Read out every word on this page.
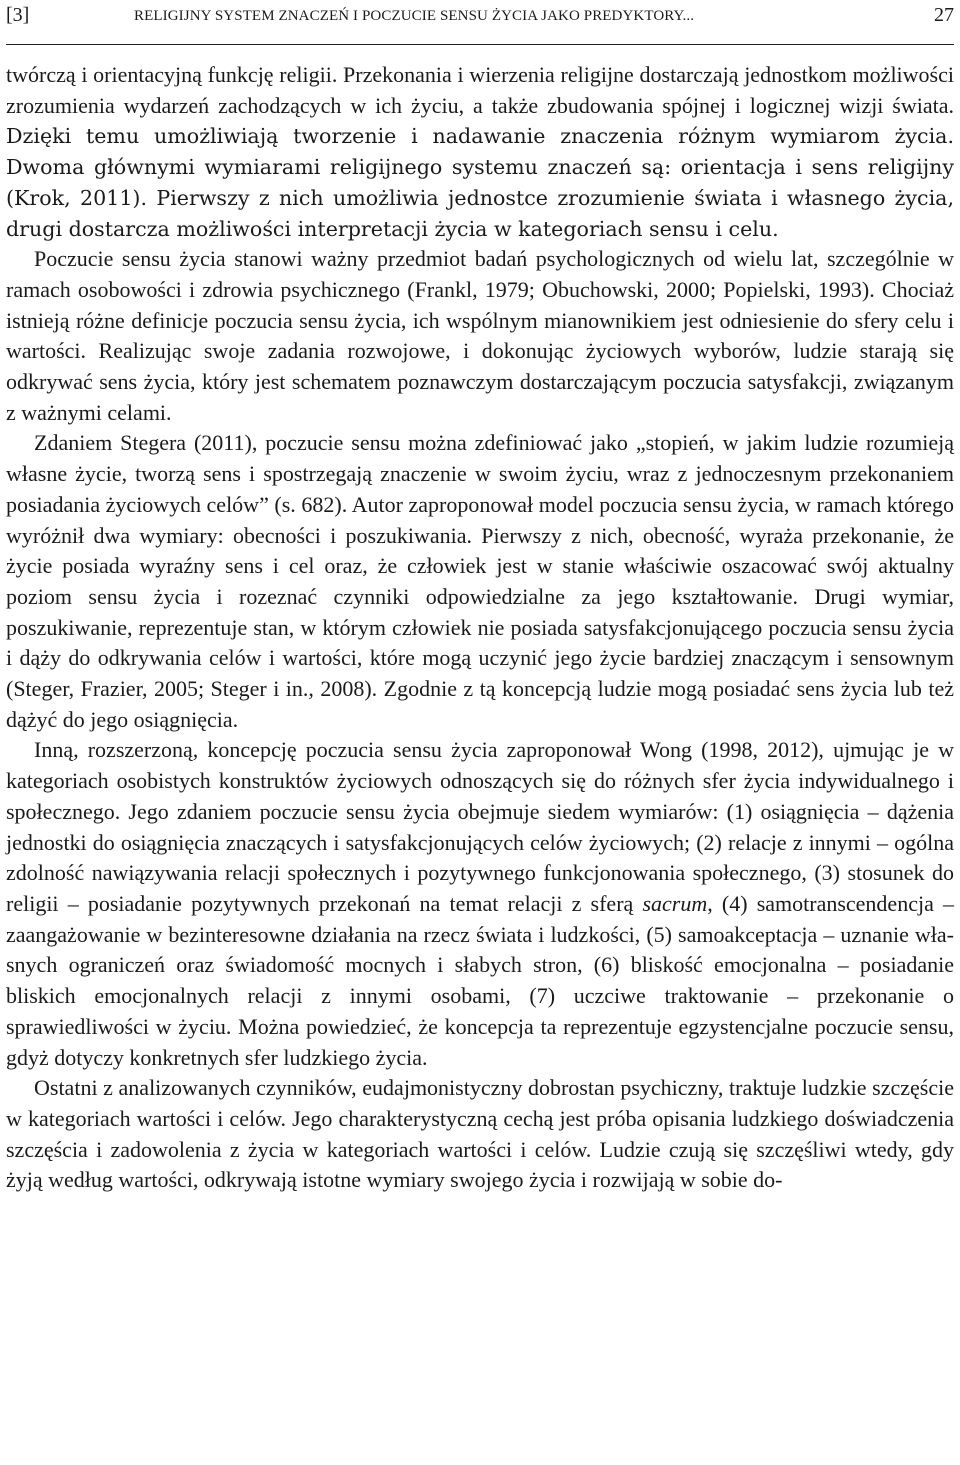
[3]	RELIGIJNY SYSTEM ZNACZEŃ I POCZUCIE SENSU ŻYCIA JAKO PREDYKTORY...	27

twórczą i orientacyjną funkcję religii. Przekonania i wierzenia religijne dostarczają jednostkom możliwości zrozumienia wydarzeń zachodzących w ich życiu, a także zbudowania spójnej i logicznej wizji świata. Dzięki temu umożliwiają tworzenie i nadawanie znaczenia różnym wymiarom życia. Dwoma głównymi wymiarami religijnego systemu znaczeń są: orientacja i sens religijny (Krok, 2011). Pierwszy z nich umożliwia jednostce zrozumienie świata i własnego życia, drugi dostarcza możliwości interpretacji życia w kategoriach sensu i celu.

Poczucie sensu życia stanowi ważny przedmiot badań psychologicznych od wielu lat, szczególnie w ramach osobowości i zdrowia psychicznego (Frankl, 1979; Obuchowski, 2000; Popielski, 1993). Chociaż istnieją różne definicje poczucia sensu życia, ich wspólnym mianownikiem jest odniesienie do sfery celu i wartości. Realizując swoje zadania rozwojowe, i dokonując życiowych wyborów, ludzie starają się odkrywać sens życia, który jest schematem poznawczym dostarczającym poczucia satysfakcji, związanym z ważnymi celami.

Zdaniem Stegera (2011), poczucie sensu można zdefiniować jako „stopień, w jakim ludzie rozumieją własne życie, tworzą sens i spostrzegają znaczenie w swoim życiu, wraz z jednoczesnym przekonaniem posiadania życiowych celów” (s. 682). Autor zaproponował model poczucia sensu życia, w ramach którego wyróżnił dwa wymiary: obecności i poszukiwania. Pierwszy z nich, obecność, wyraża przekonanie, że życie posiada wyraźny sens i cel oraz, że człowiek jest w stanie właściwie oszacować swój aktualny poziom sensu życia i rozeznać czynniki odpowiedzialne za jego kształtowanie. Drugi wymiar, poszukiwanie, reprezentuje stan, w którym człowiek nie posiada satysfakcjonującego poczucia sensu życia i dąży do odkrywania celów i wartości, które mogą uczynić jego życie bardziej znaczącym i sensownym (Steger, Frazier, 2005; Steger i in., 2008). Zgodnie z tą koncepcją ludzie mogą posiadać sens życia lub też dążyć do jego osiągnięcia.

Inną, rozszerzoną, koncepcję poczucia sensu życia zaproponował Wong (1998, 2012), ujmując je w kategoriach osobistych konstruktów życiowych odnoszących się do różnych sfer życia indywidualnego i społecznego. Jego zdaniem poczucie sensu życia obejmuje siedem wymiarów: (1) osiągnięcia – dążenia jednostki do osiągnięcia znaczących i satysfakcjonujących celów życiowych; (2) relacje z innymi – ogólna zdolność nawiązywania relacji społecznych i pozytywnego funkcjonowania społecznego, (3) stosunek do religii – posiadanie pozytywnych przekonań na temat relacji z sferą sacrum, (4) samotranscendencja – zaangażowanie w bezinteresowne działania na rzecz świata i ludzkości, (5) samoakceptacja – uznanie własnych ograniczeń oraz świadomość mocnych i słabych stron, (6) bliskość emocjonalna – posiadanie bliskich emocjonalnych relacji z innymi osobami, (7) uczciwe traktowanie – przekonanie o sprawiedliwości w życiu. Można powiedzieć, że koncepcja ta reprezentuje egzystencjalne poczucie sensu, gdyż dotyczy konkretnych sfer ludzkiego życia.

Ostatni z analizowanych czynników, eudajmonistyczny dobrostan psychiczny, traktuje ludzkie szczęście w kategoriach wartości i celów. Jego charakterystyczną cechą jest próba opisania ludzkiego doświadczenia szczęścia i zadowolenia z życia w kategoriach wartości i celów. Ludzie czują się szczęśliwi wtedy, gdy żyją według wartości, odkrywają istotne wymiary swojego życia i rozwijają w sobie do-
